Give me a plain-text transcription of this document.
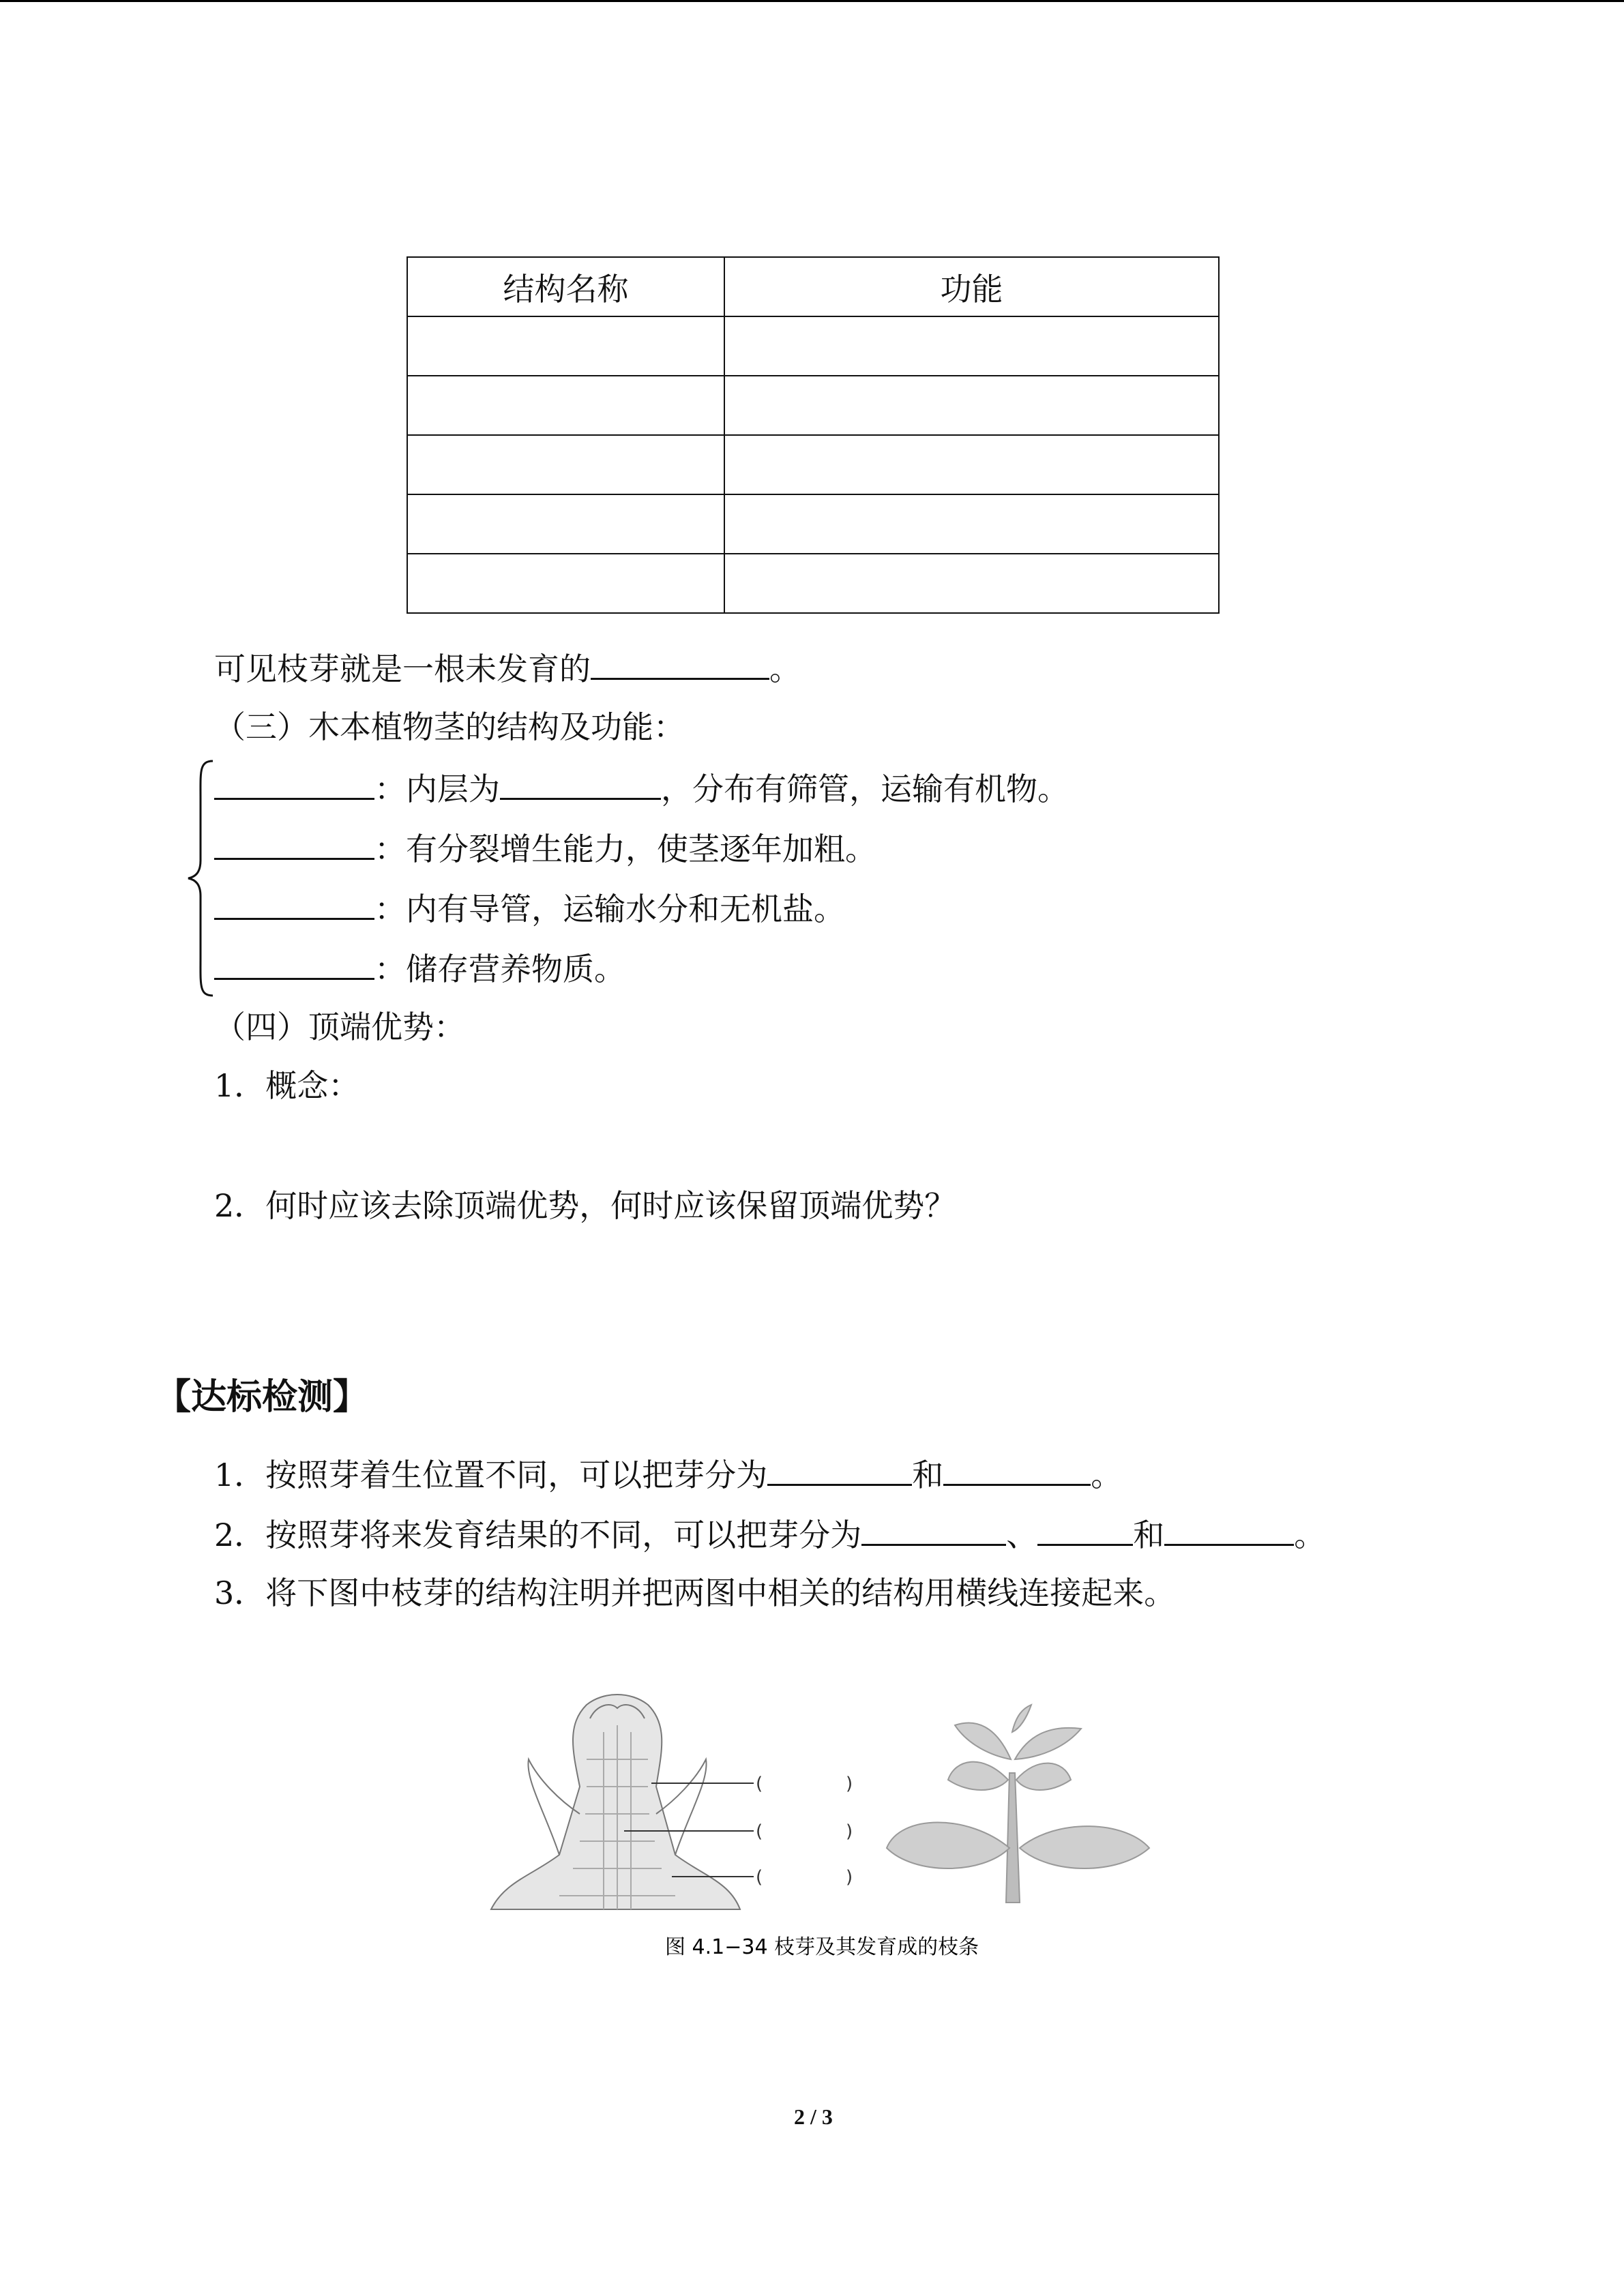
结构名称	功能

可见枝芽就是一根未发育的	。
（三）木本植物茎的结构及功能：
：内层为	，分布有筛管，运输有机物。
：有分裂增生能力，使茎逐年加粗。
：内有导管，运输水分和无机盐。
：储存营养物质。
（四）顶端优势：
1．概念：
2．何时应该去除顶端优势，何时应该保留顶端优势？
【达标检测】
1．按照芽着生位置不同，可以把芽分为	和	。
2．按照芽将来发育结果的不同，可以把芽分为	、	和	。
3．将下图中枝芽的结构注明并把两图中相关的结构用横线连接起来。
(	)
(	)
(	)
图 4.1−34 枝芽及其发育成的枝条
2 / 3
